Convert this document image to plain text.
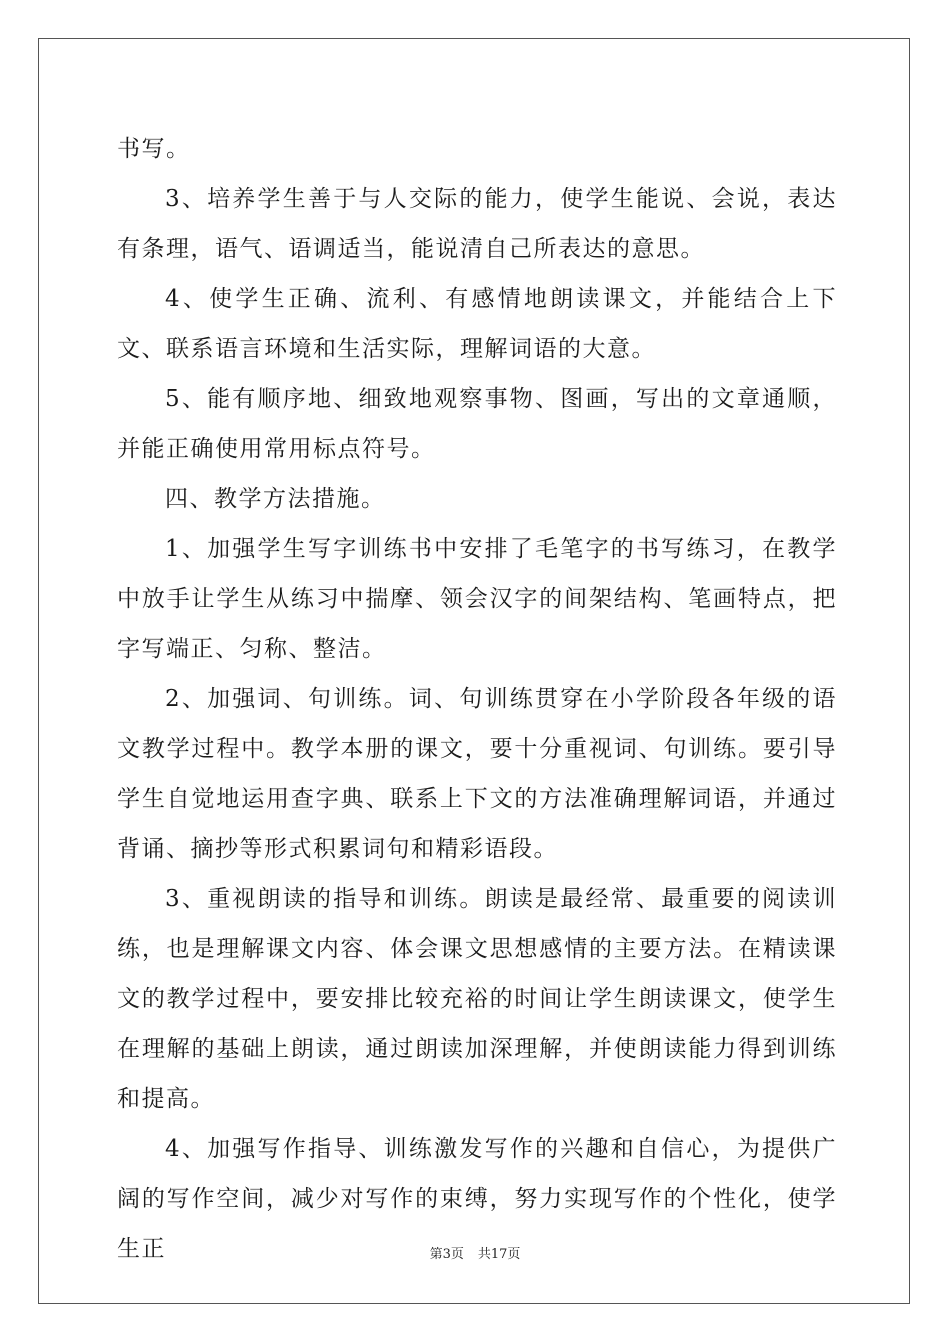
书写。

3、培养学生善于与人交际的能力，使学生能说、会说，表达有条理，语气、语调适当，能说清自己所表达的意思。

4、使学生正确、流利、有感情地朗读课文，并能结合上下文、联系语言环境和生活实际，理解词语的大意。

5、能有顺序地、细致地观察事物、图画，写出的文章通顺，并能正确使用常用标点符号。

四、教学方法措施。

1、加强学生写字训练书中安排了毛笔字的书写练习，在教学中放手让学生从练习中揣摩、领会汉字的间架结构、笔画特点，把字写端正、匀称、整洁。

2、加强词、句训练。词、句训练贯穿在小学阶段各年级的语文教学过程中。教学本册的课文，要十分重视词、句训练。要引导学生自觉地运用查字典、联系上下文的方法准确理解词语，并通过背诵、摘抄等形式积累词句和精彩语段。

3、重视朗读的指导和训练。朗读是最经常、最重要的阅读训练，也是理解课文内容、体会课文思想感情的主要方法。在精读课文的教学过程中，要安排比较充裕的时间让学生朗读课文，使学生在理解的基础上朗读，通过朗读加深理解，并使朗读能力得到训练和提高。

4、加强写作指导、训练激发写作的兴趣和自信心，为提供广阔的写作空间，减少对写作的束缚，努力实现写作的个性化，使学生正	第3页 共17页
